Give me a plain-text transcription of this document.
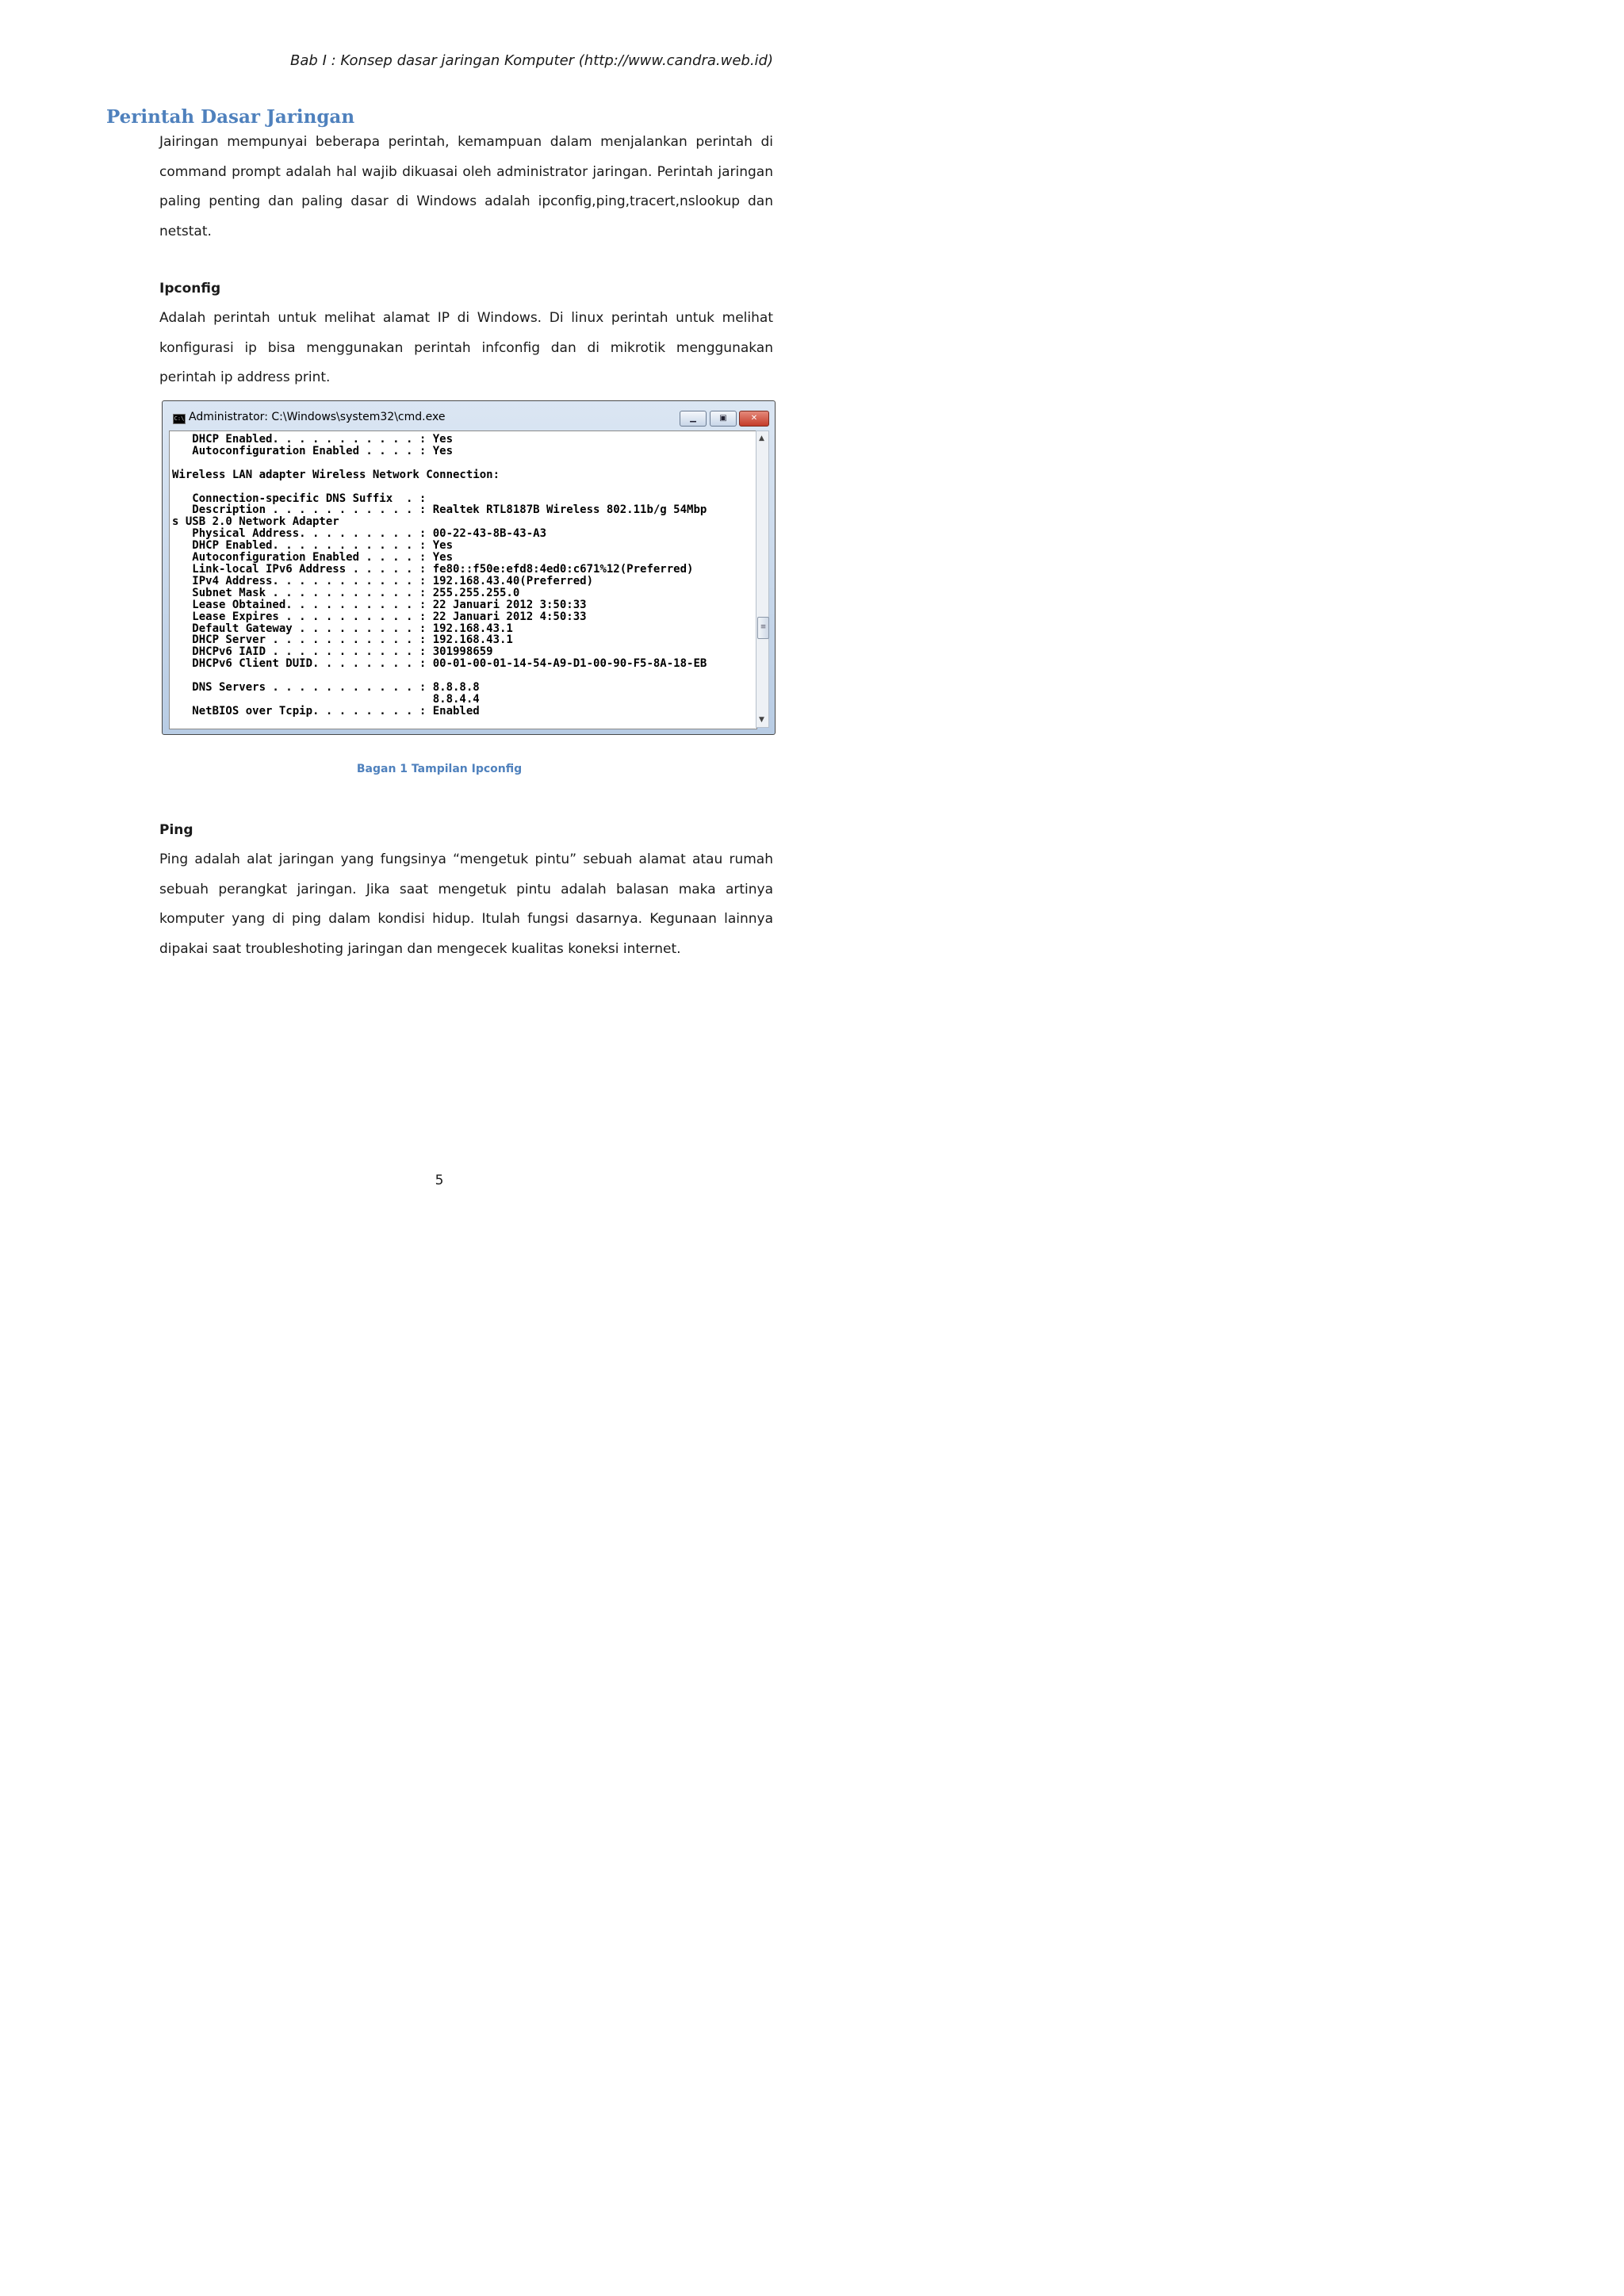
Bab I : Konsep dasar jaringan Komputer (http://www.candra.web.id)
Perintah Dasar Jaringan

Jairingan mempunyai beberapa perintah, kemampuan dalam menjalankan perintah di command prompt adalah hal wajib dikuasai oleh administrator jaringan. Perintah jaringan paling penting dan paling dasar di Windows adalah ipconfig,ping,tracert,nslookup dan netstat.

Ipconfig

Adalah perintah untuk melihat alamat IP di Windows. Di linux perintah untuk melihat konfigurasi ip bisa menggunakan perintah infconfig dan di mikrotik menggunakan perintah ip address print.

C:\ Administrator: C:\Windows\system32\cmd.exe	▁	▣	✕
DHCP Enabled. . . . . . . . . . . : Yes
Autoconfiguration Enabled . . . . : Yes

Wireless LAN adapter Wireless Network Connection:

Connection-specific DNS Suffix  . :
Description . . . . . . . . . . . : Realtek RTL8187B Wireless 802.11b/g 54Mbp
s USB 2.0 Network Adapter
Physical Address. . . . . . . . . : 00-22-43-8B-43-A3
DHCP Enabled. . . . . . . . . . . : Yes
Autoconfiguration Enabled . . . . : Yes
Link-local IPv6 Address . . . . . : fe80::f50e:efd8:4ed0:c671%12(Preferred)
IPv4 Address. . . . . . . . . . . : 192.168.43.40(Preferred)
Subnet Mask . . . . . . . . . . . : 255.255.255.0
Lease Obtained. . . . . . . . . . : 22 Januari 2012 3:50:33
Lease Expires . . . . . . . . . . : 22 Januari 2012 4:50:33
Default Gateway . . . . . . . . . : 192.168.43.1
DHCP Server . . . . . . . . . . . : 192.168.43.1
DHCPv6 IAID . . . . . . . . . . . : 301998659
DHCPv6 Client DUID. . . . . . . . : 00-01-00-01-14-54-A9-D1-00-90-F5-8A-18-EB

DNS Servers . . . . . . . . . . . : 8.8.8.8
8.8.4.4
NetBIOS over Tcpip. . . . . . . . : Enabled
▲
≡
▼
Bagan 1 Tampilan Ipconfig

Ping

Ping adalah alat jaringan yang fungsinya “mengetuk pintu” sebuah alamat atau rumah sebuah perangkat jaringan. Jika saat mengetuk pintu adalah balasan maka artinya komputer yang di ping dalam kondisi hidup. Itulah fungsi dasarnya. Kegunaan lainnya dipakai saat troubleshoting jaringan dan mengecek kualitas koneksi internet.

5
